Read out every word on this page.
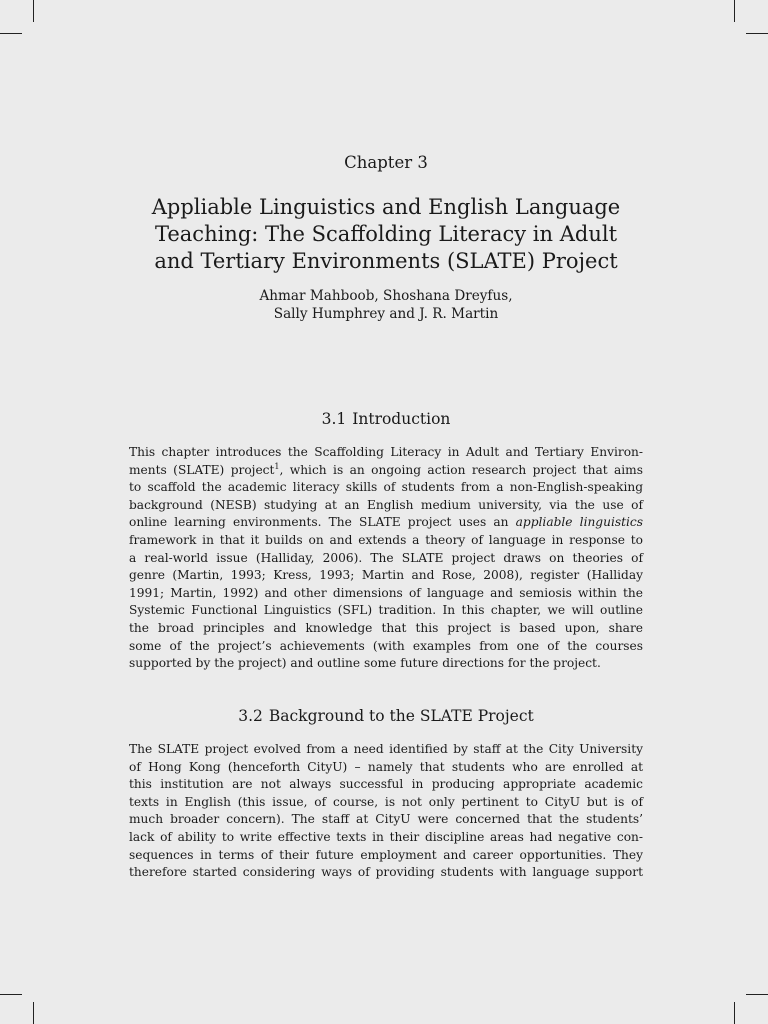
Chapter 3
Appliable Linguistics and English Language
Teaching: The Scaffolding Literacy in Adult
and Tertiary Environments (SLATE) Project
Ahmar Mahboob, Shoshana Dreyfus,
Sally Humphrey and J. R. Martin
3.1 Introduction
This chapter introduces the Scaffolding Literacy in Adult and Tertiary Environ-
ments (SLATE) project$^1$, which is an ongoing action research project that aims
to scaffold the academic literacy skills of students from a non-English-speaking
background (NESB) studying at an English medium university, via the use of
online learning environments. The SLATE project uses an appliable linguistics
framework in that it builds on and extends a theory of language in response to
a real-world issue (Halliday, 2006). The SLATE project draws on theories of
genre (Martin, 1993; Kress, 1993; Martin and Rose, 2008), register (Halliday
1991; Martin, 1992) and other dimensions of language and semiosis within the
Systemic Functional Linguistics (SFL) tradition. In this chapter, we will outline
the broad principles and knowledge that this project is based upon, share
some of the project’s achievements (with examples from one of the courses
supported by the project) and outline some future directions for the project.
3.2 Background to the SLATE Project
The SLATE project evolved from a need identified by staff at the City University
of Hong Kong (henceforth CityU) – namely that students who are enrolled at
this institution are not always successful in producing appropriate academic
texts in English (this issue, of course, is not only pertinent to CityU but is of
much broader concern). The staff at CityU were concerned that the students’
lack of ability to write effective texts in their discipline areas had negative con-
sequences in terms of their future employment and career opportunities. They
therefore started considering ways of providing students with language support
